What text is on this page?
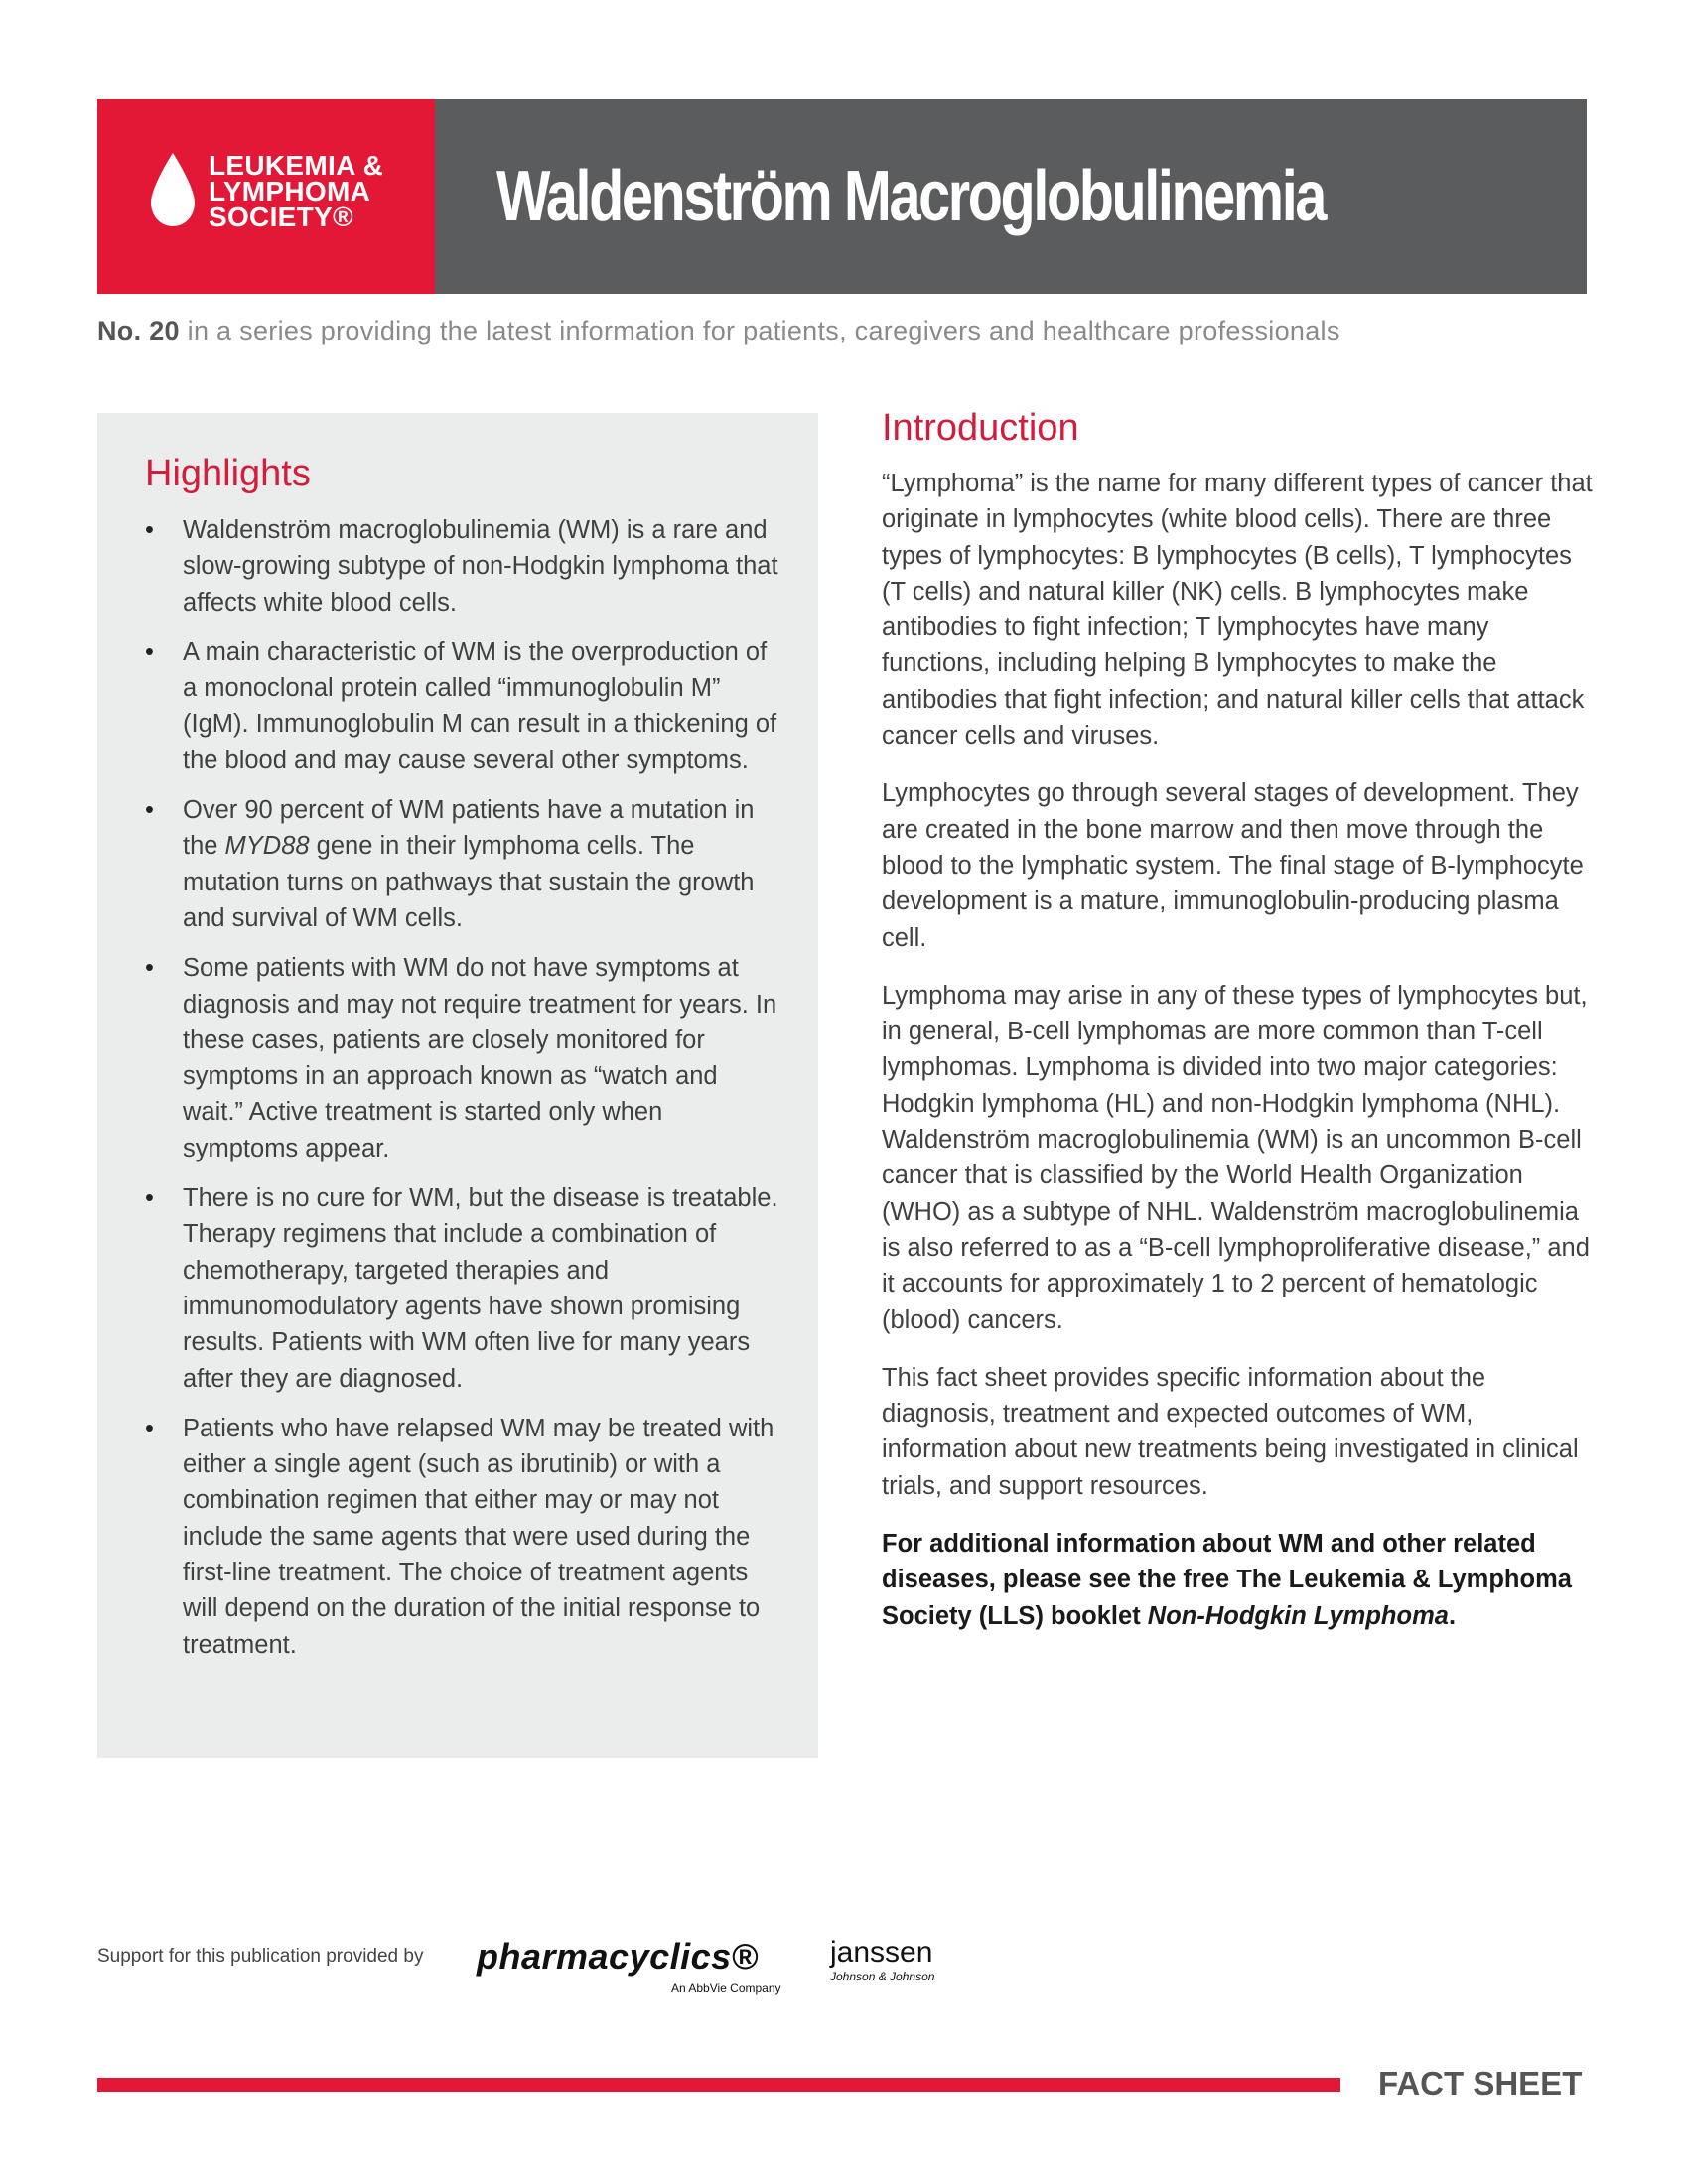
LEUKEMIA &
LYMPHOMA
SOCIETY®	Waldenström Macroglobulinemia
No. 20 in a series providing the latest information for patients, caregivers and healthcare professionals
Highlights
• Waldenström macroglobulinemia (WM) is a rare and slow-growing subtype of non-Hodgkin lymphoma that affects white blood cells.
• A main characteristic of WM is the overproduction of a monoclonal protein called “immunoglobulin M” (IgM). Immunoglobulin M can result in a thickening of the blood and may cause several other symptoms.
• Over 90 percent of WM patients have a mutation in the MYD88 gene in their lymphoma cells. The mutation turns on pathways that sustain the growth and survival of WM cells.
• Some patients with WM do not have symptoms at diagnosis and may not require treatment for years. In these cases, patients are closely monitored for symptoms in an approach known as “watch and wait.” Active treatment is started only when symptoms appear.
• There is no cure for WM, but the disease is treatable. Therapy regimens that include a combination of chemotherapy, targeted therapies and immunomodulatory agents have shown promising results. Patients with WM often live for many years after they are diagnosed.
• Patients who have relapsed WM may be treated with either a single agent (such as ibrutinib) or with a combination regimen that either may or may not include the same agents that were used during the first-line treatment. The choice of treatment agents will depend on the duration of the initial response to treatment.
Introduction

“Lymphoma” is the name for many different types of cancer that originate in lymphocytes (white blood cells). There are three types of lymphocytes: B lymphocytes (B cells), T lymphocytes (T cells) and natural killer (NK) cells. B lymphocytes make antibodies to fight infection; T lymphocytes have many functions, including helping B lymphocytes to make the antibodies that fight infection; and natural killer cells that attack cancer cells and viruses.

Lymphocytes go through several stages of development. They are created in the bone marrow and then move through the blood to the lymphatic system. The final stage of B-lymphocyte development is a mature, immunoglobulin-producing plasma cell.

Lymphoma may arise in any of these types of lymphocytes but, in general, B-cell lymphomas are more common than T-cell lymphomas. Lymphoma is divided into two major categories: Hodgkin lymphoma (HL) and non-Hodgkin lymphoma (NHL). Waldenström macroglobulinemia (WM) is an uncommon B-cell cancer that is classified by the World Health Organization (WHO) as a subtype of NHL. Waldenström macroglobulinemia is also referred to as a “B-cell lymphoproliferative disease,” and it accounts for approximately 1 to 2 percent of hematologic (blood) cancers.

This fact sheet provides specific information about the diagnosis, treatment and expected outcomes of WM, information about new treatments being investigated in clinical trials, and support resources.

For additional information about WM and other related diseases, please see the free The Leukemia & Lymphoma Society (LLS) booklet Non-Hodgkin Lymphoma.

Support for this publication provided by pharmacyclics®
An AbbVie Company
janssen
Johnson & Johnson
FACT SHEET
